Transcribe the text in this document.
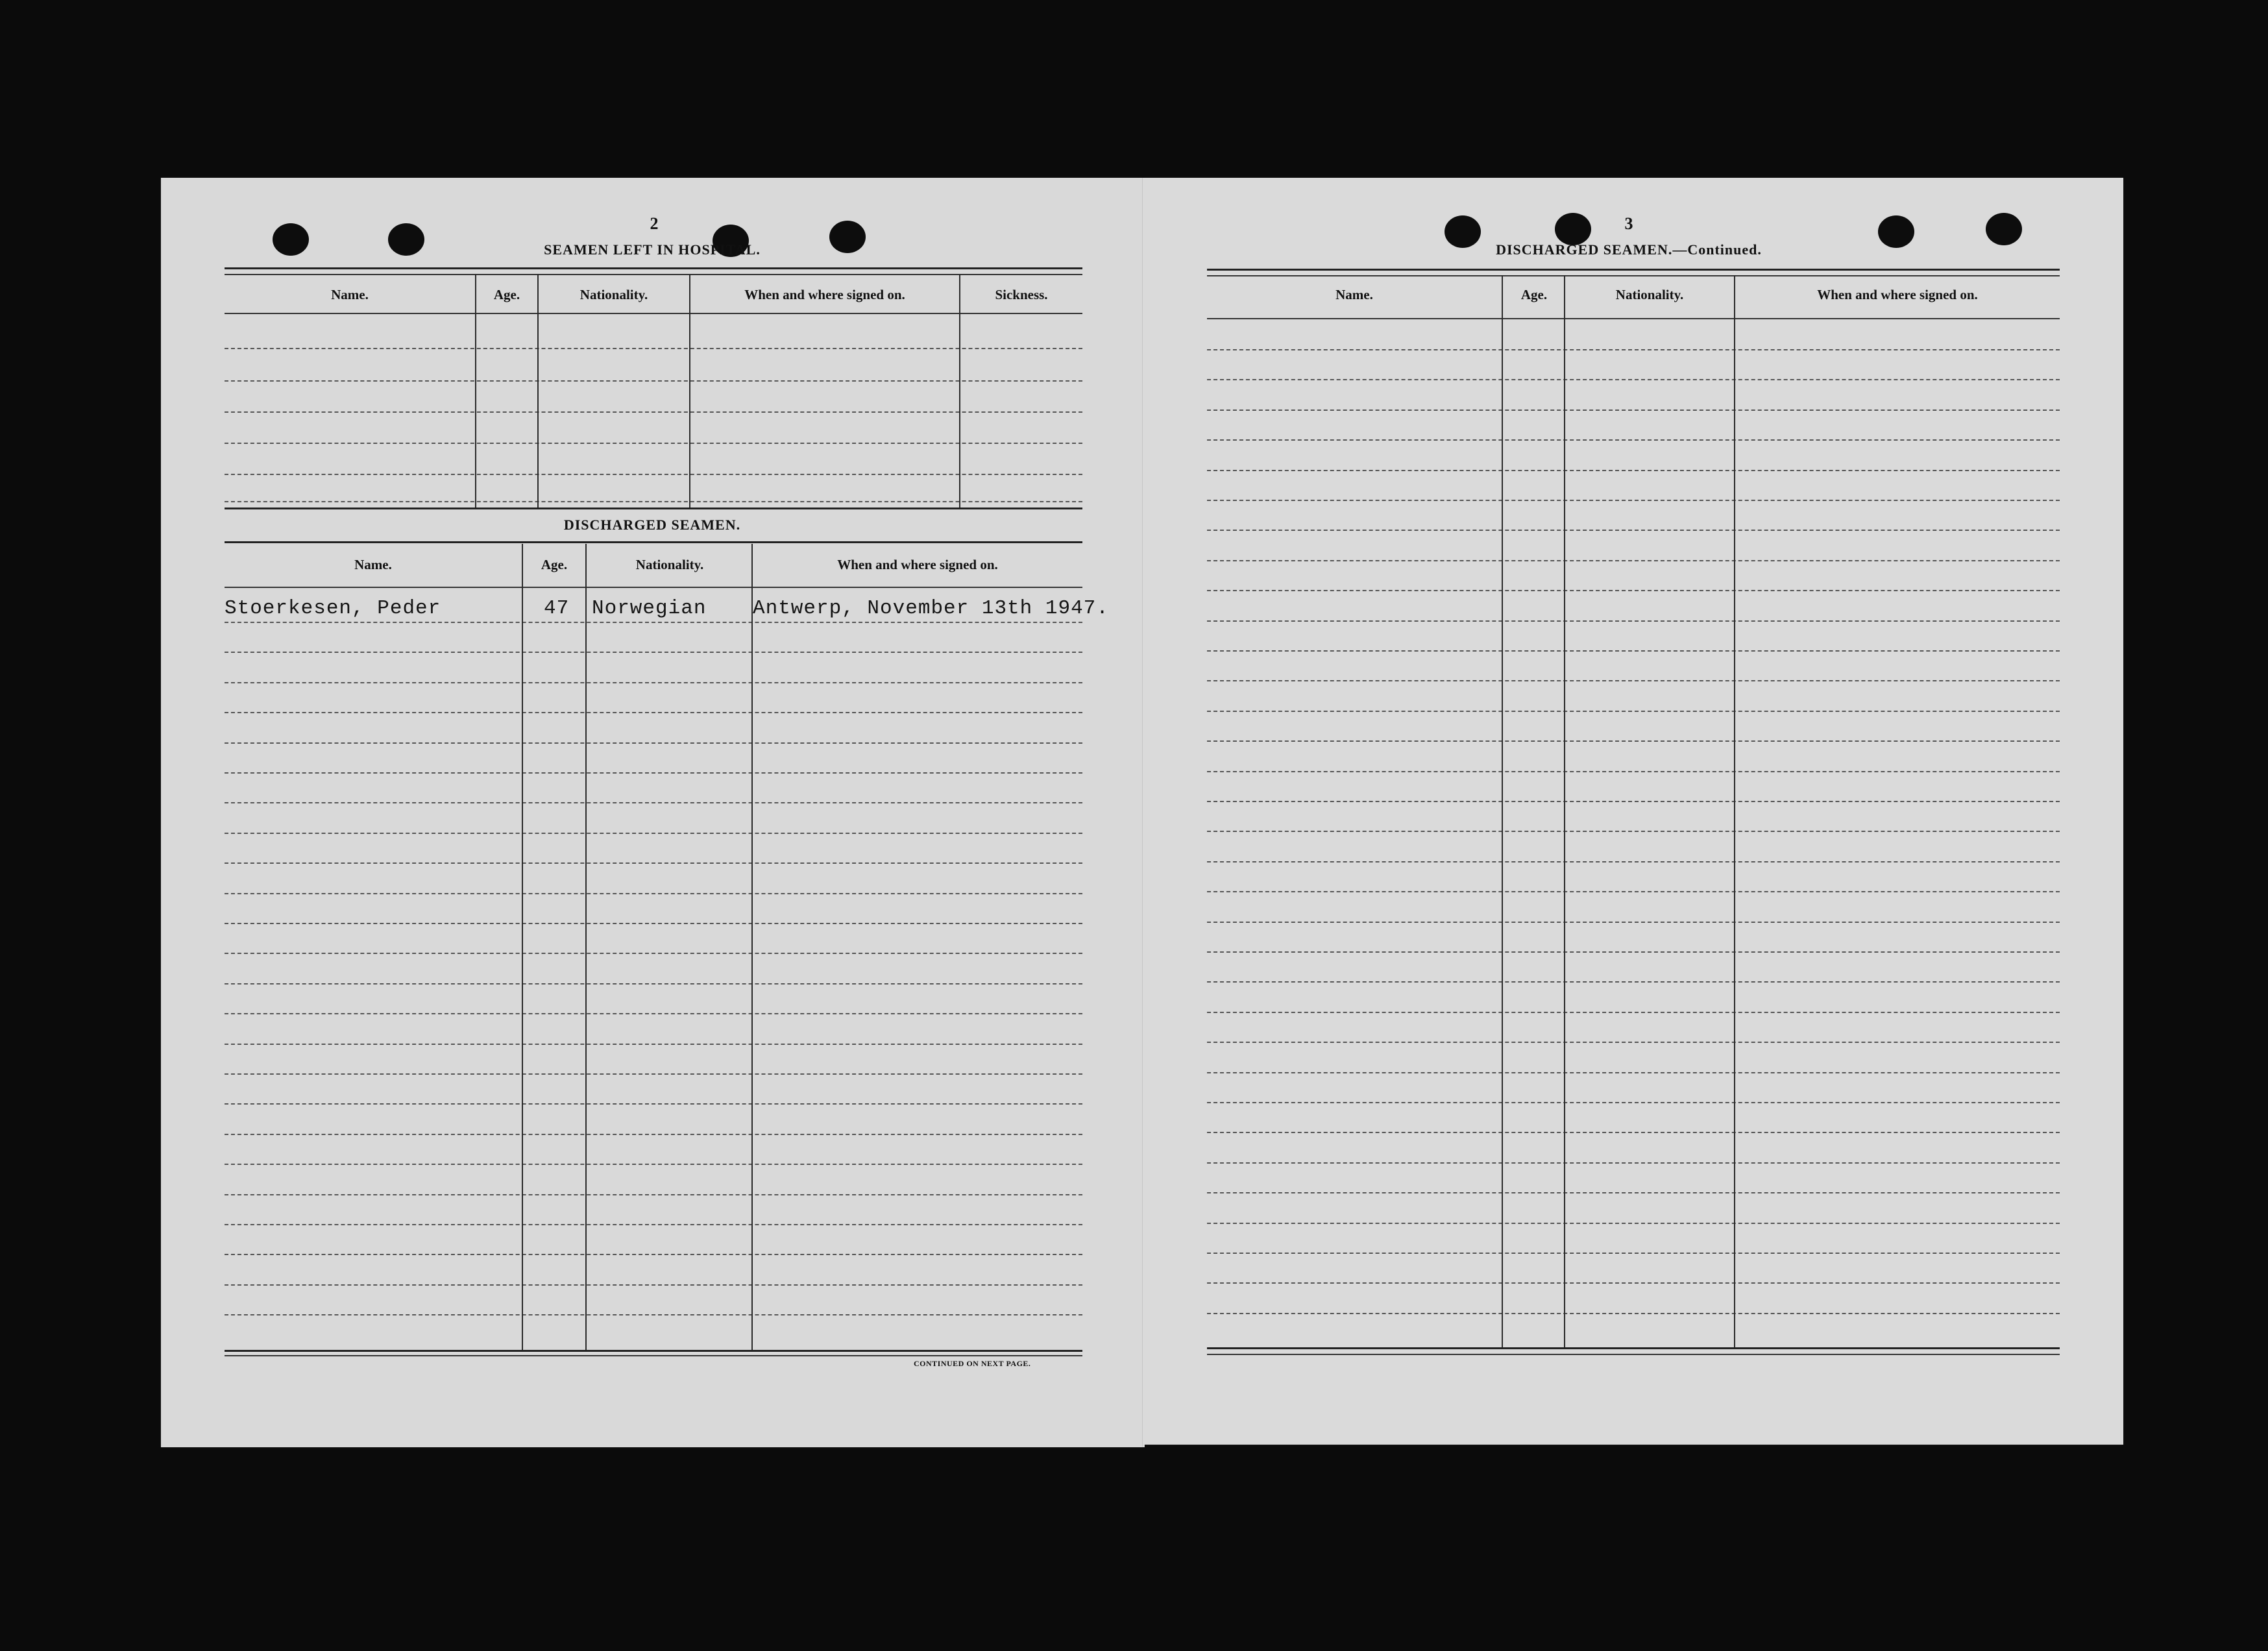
2
SEAMEN LEFT IN HOSPITAL.
Name.	Age.	Nationality.	When and where signed on.	Sickness.
DISCHARGED SEAMEN.
Name.	Age.	Nationality.	When and where signed on.
Stoerkesen, Peder	47 Norwegian Antwerp, November 13th 1947.
CONTINUED ON NEXT PAGE.
3
DISCHARGED SEAMEN.—Continued.
Name.	Age.	Nationality.	When and where signed on.
